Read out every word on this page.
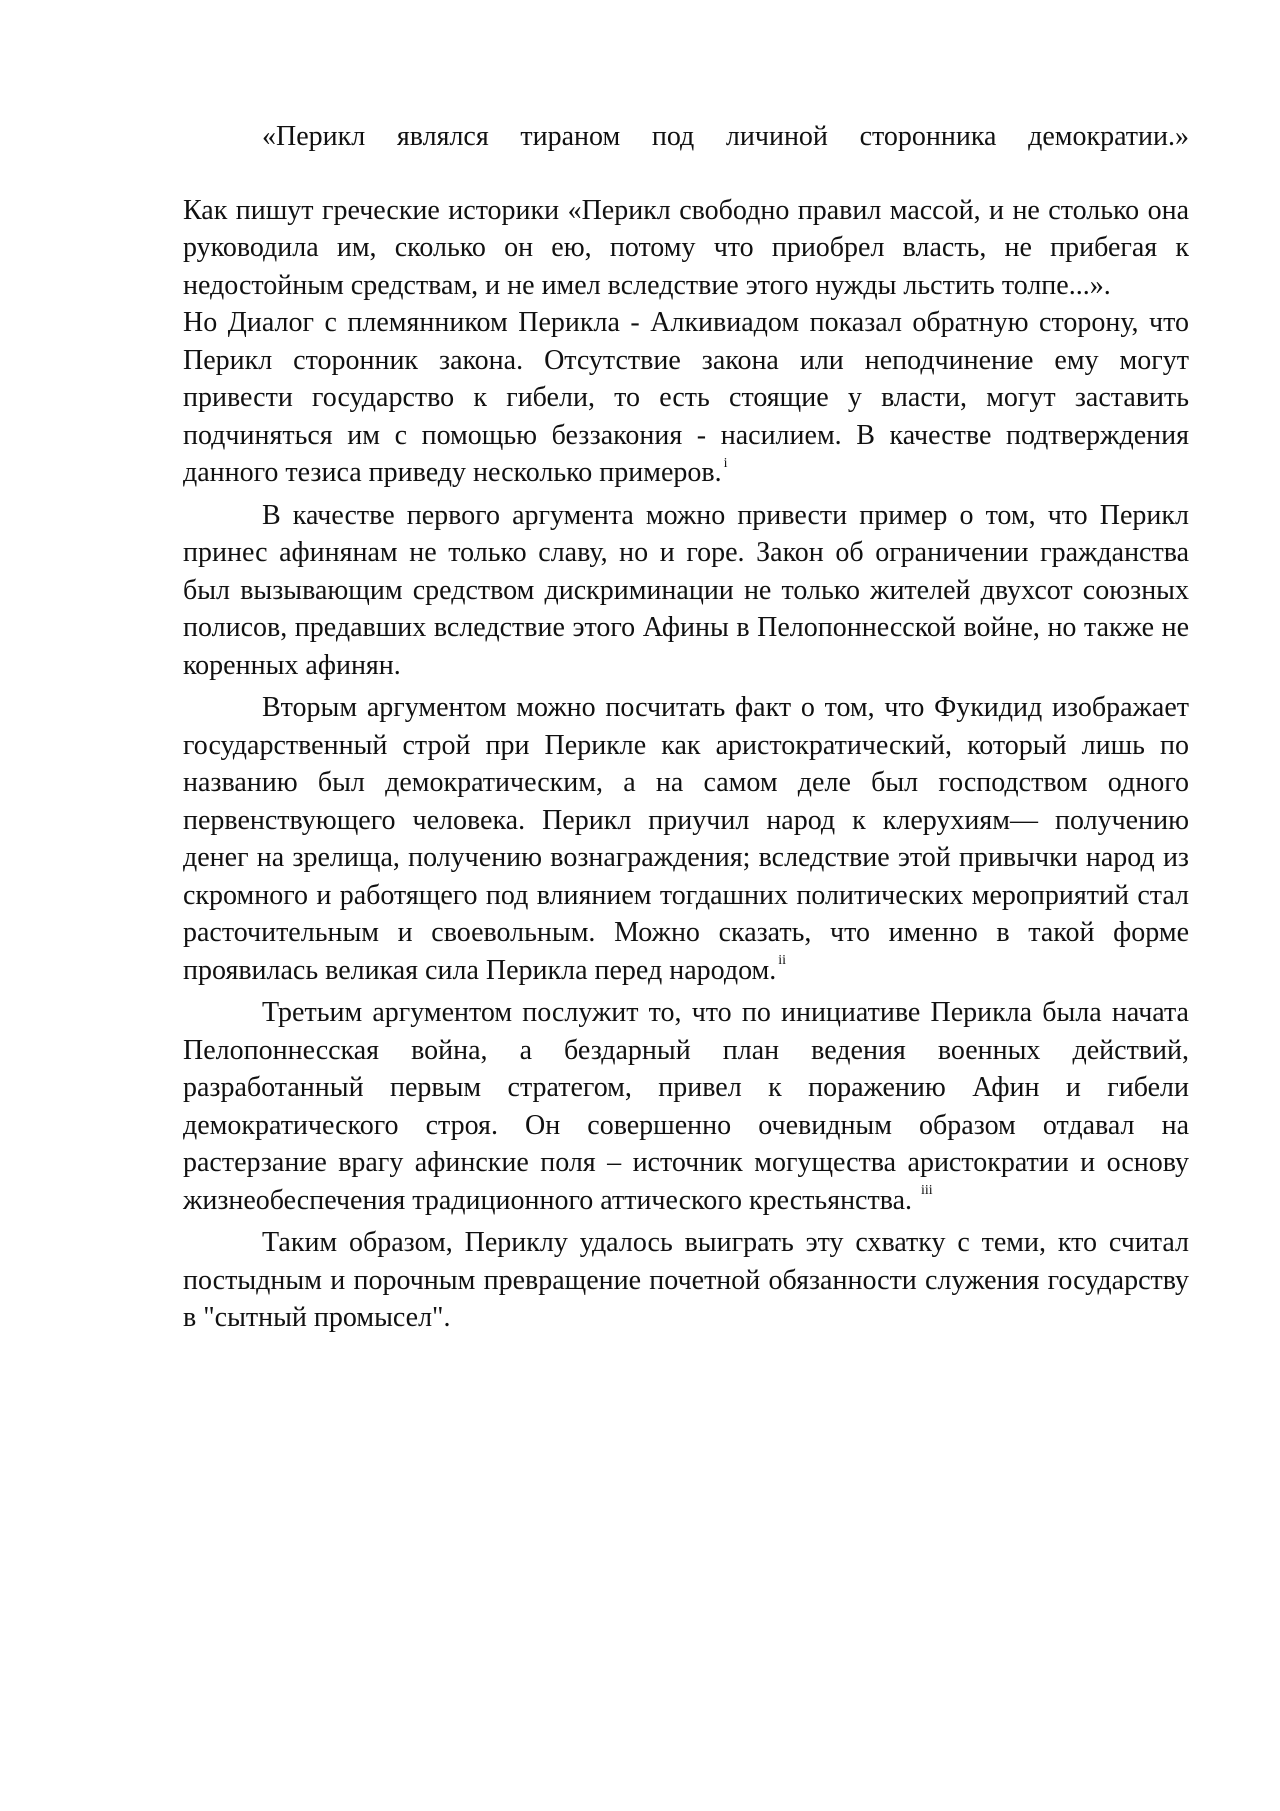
«Перикл являлся тираном под личиной сторонника демократии.»

Как пишут греческие историки «Перикл свободно правил массой, и не столько она руководила им, сколько он ею, потому что приобрел власть, не прибегая к недостойным средствам, и не имел вследствие этого нужды льстить толпе...».

Но Диалог с племянником Перикла - Алкивиадом показал обратную сторону, что Перикл сторонник закона. Отсутствие закона или неподчинение ему могут привести государство к гибели, то есть стоящие у власти, могут заставить подчиняться им с помощью беззакония - насилием. В качестве подтверждения данного тезиса приведу несколько примеров. $^i$

В качестве первого аргумента можно привести пример о том, что Перикл принес афинянам не только славу, но и горе. Закон об ограничении гражданства был вызывающим средством дискриминации не только жителей двухсот союзных полисов, предавших вследствие этого Афины в Пелопоннесской войне, но также не коренных афинян.

Вторым аргументом можно посчитать факт о том, что Фукидид изображает государственный строй при Перикле как аристократический, который лишь по названию был демократическим, а на самом деле был господством одного первенствующего человека. Перикл приучил народ к клерухиям— получению денег на зрелища, получению вознаграждения; вследствие этой привычки народ из скромного и работящего под влиянием тогдашних политических мероприятий стал расточительным и своевольным. Можно сказать, что именно в такой форме проявилась великая сила Перикла перед народом. $^{ii}$

Третьим аргументом послужит то, что по инициативе Перикла была начата Пелопоннесская война, а бездарный план ведения военных действий, разработанный первым стратегом, привел к поражению Афин и гибели демократического строя. Он совершенно очевидным образом отдавал на растерзание врагу афинские поля – источник могущества аристократии и основу жизнеобеспечения традиционного аттического крестьянства. $^{iii}$

Таким образом, Периклу удалось выиграть эту схватку с теми, кто считал постыдным и порочным превращение почетной обязанности служения государству в "сытный промысел".
